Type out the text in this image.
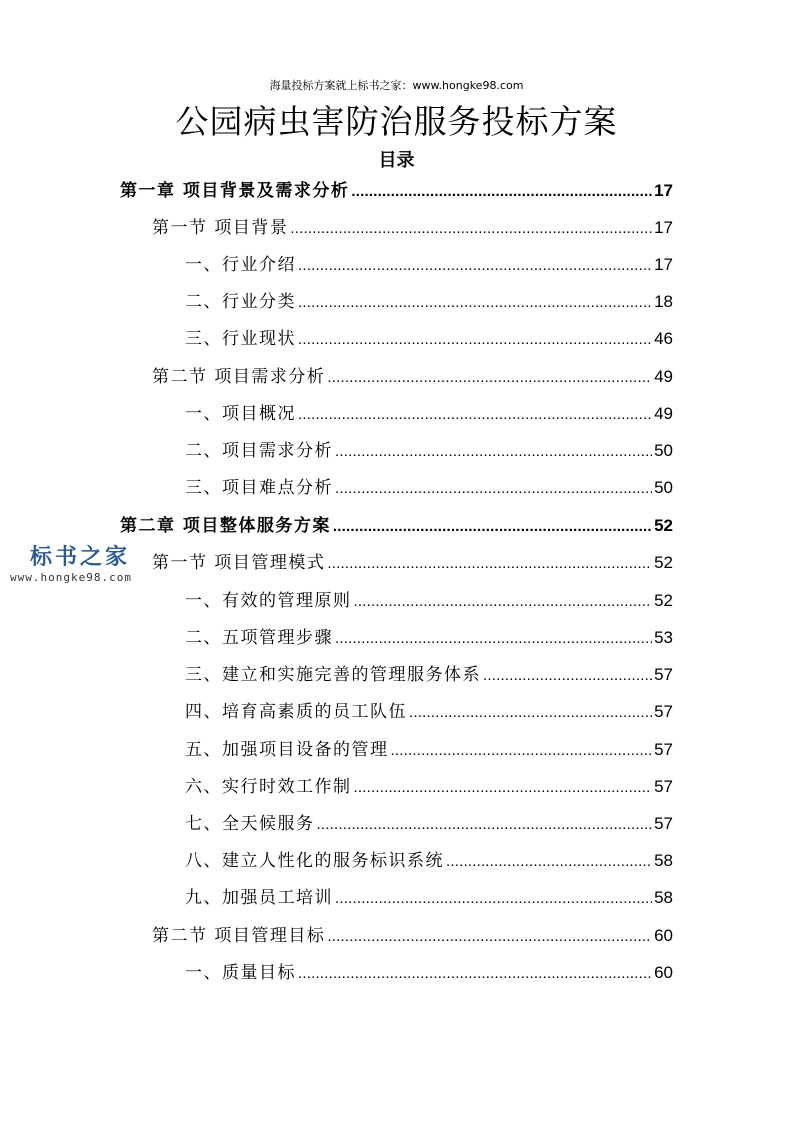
海量投标方案就上标书之家：www.hongke98.com
公园病虫害防治服务投标方案
目录
第一章 项目背景及需求分析 .....	17
第一节 项目背景 .....	17
一、行业介绍 .....	17
二、行业分类 .....	18
三、行业现状 .....	46
第二节 项目需求分析 .....	49
一、项目概况 .....	49
二、项目需求分析 .....	50
三、项目难点分析 .....	50
第二章 项目整体服务方案 .....	52
第一节 项目管理模式 .....	52
一、有效的管理原则 .....	52
二、五项管理步骤 .....	53
三、建立和实施完善的管理服务体系 .....	57
四、培育高素质的员工队伍 .....	57
五、加强项目设备的管理 .....	57
六、实行时效工作制 .....	57
七、全天候服务 .....	57
八、建立人性化的服务标识系统 .....	58
九、加强员工培训 .....	58
第二节 项目管理目标 .....	60
一、质量目标 .....	60
标书之家
www.hongke98.com
